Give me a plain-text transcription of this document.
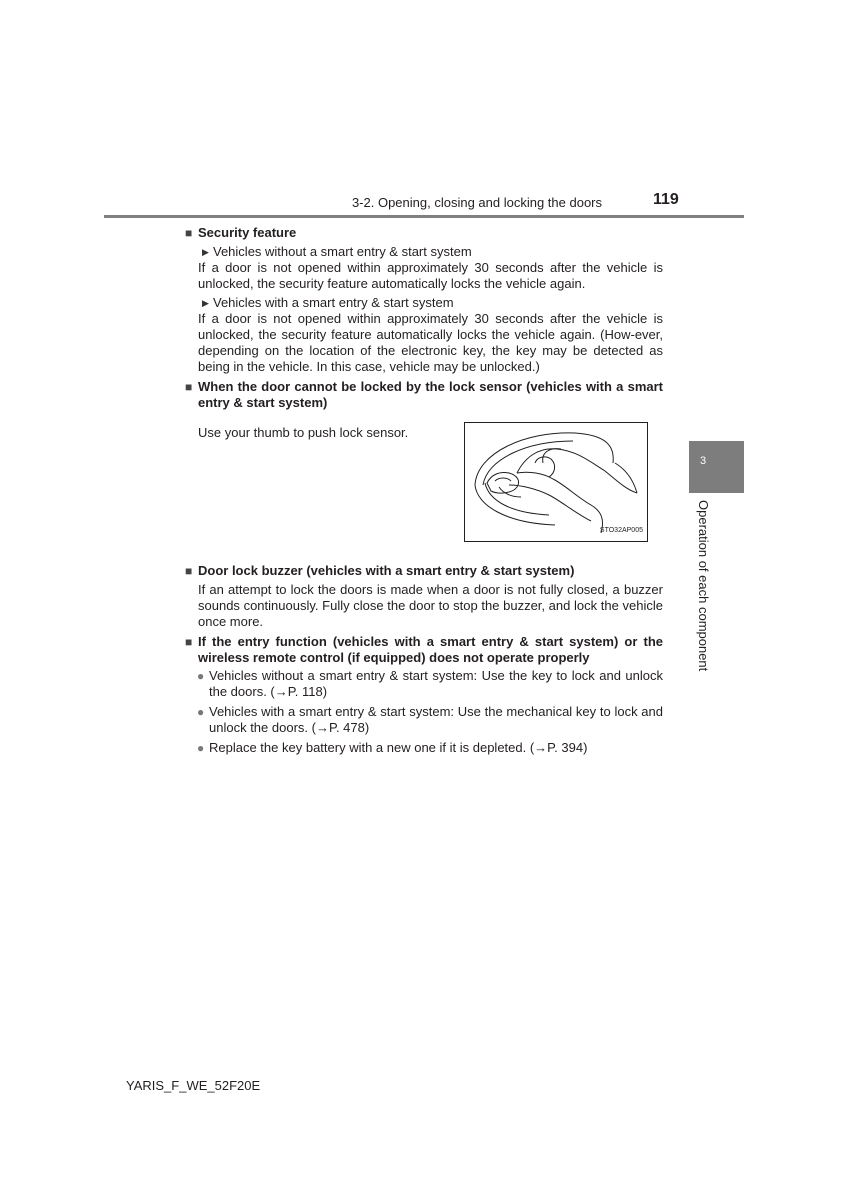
3-2. Opening, closing and locking the doors	119
3
Operation of each component
■ Security feature
▶ Vehicles without a smart entry & start system
If a door is not opened within approximately 30 seconds after the vehicle is unlocked, the security feature automatically locks the vehicle again.
▶ Vehicles with a smart entry & start system
If a door is not opened within approximately 30 seconds after the vehicle is unlocked, the security feature automatically locks the vehicle again. (How-ever, depending on the location of the electronic key, the key may be detected as being in the vehicle. In this case, vehicle may be unlocked.)
■ When the door cannot be locked by the lock sensor (vehicles with a smart entry & start system)
Use your thumb to push lock sensor.
STO32AP005
■ Door lock buzzer (vehicles with a smart entry & start system)
If an attempt to lock the doors is made when a door is not fully closed, a buzzer sounds continuously. Fully close the door to stop the buzzer, and lock the vehicle once more.
■ If the entry function (vehicles with a smart entry & start system) or the wireless remote control (if equipped) does not operate properly
● Vehicles without a smart entry & start system: Use the key to lock and unlock the doors. (→P. 118)
● Vehicles with a smart entry & start system: Use the mechanical key to lock and unlock the doors. (→P. 478)
● Replace the key battery with a new one if it is depleted. (→P. 394)
YARIS_F_WE_52F20E
